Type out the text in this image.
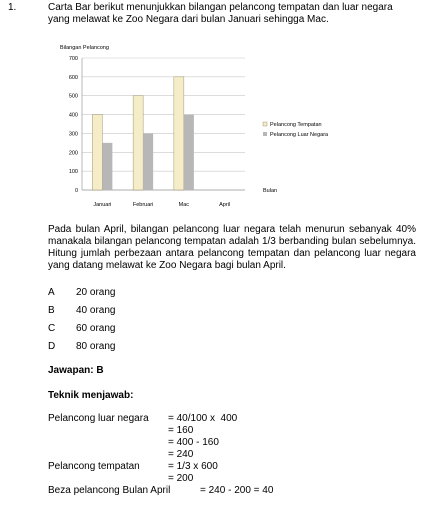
1.	Carta Bar berikut menunjukkan bilangan pelancong tempatan dan luar negara yang melawat ke Zoo Negara dari bulan Januari sehingga Mac.
Bilangan Pelancong
0
100
200
300
400
500
600
700
Januari	Februari	Mac	April
Bulan
Pelancong Tempatan
Pelancong Luar Negara
Pada bulan April, bilangan pelancong luar negara telah menurun sebanyak 40% manakala bilangan pelancong tempatan adalah 1/3 berbanding bulan sebelumnya. Hitung jumlah perbezaan antara pelancong tempatan dan pelancong luar negara yang datang melawat ke Zoo Negara bagi bulan April.
A 20 orang
B 40 orang
C 60 orang
D 80 orang
Jawapan: B
Teknik menjawab:
Pelancong luar negara = 40/100 x  400
= 160
= 400 - 160
= 240
Pelancong tempatan	= 1/3 x 600
= 200
Beza pelancong Bulan April	= 240 - 200 = 40
